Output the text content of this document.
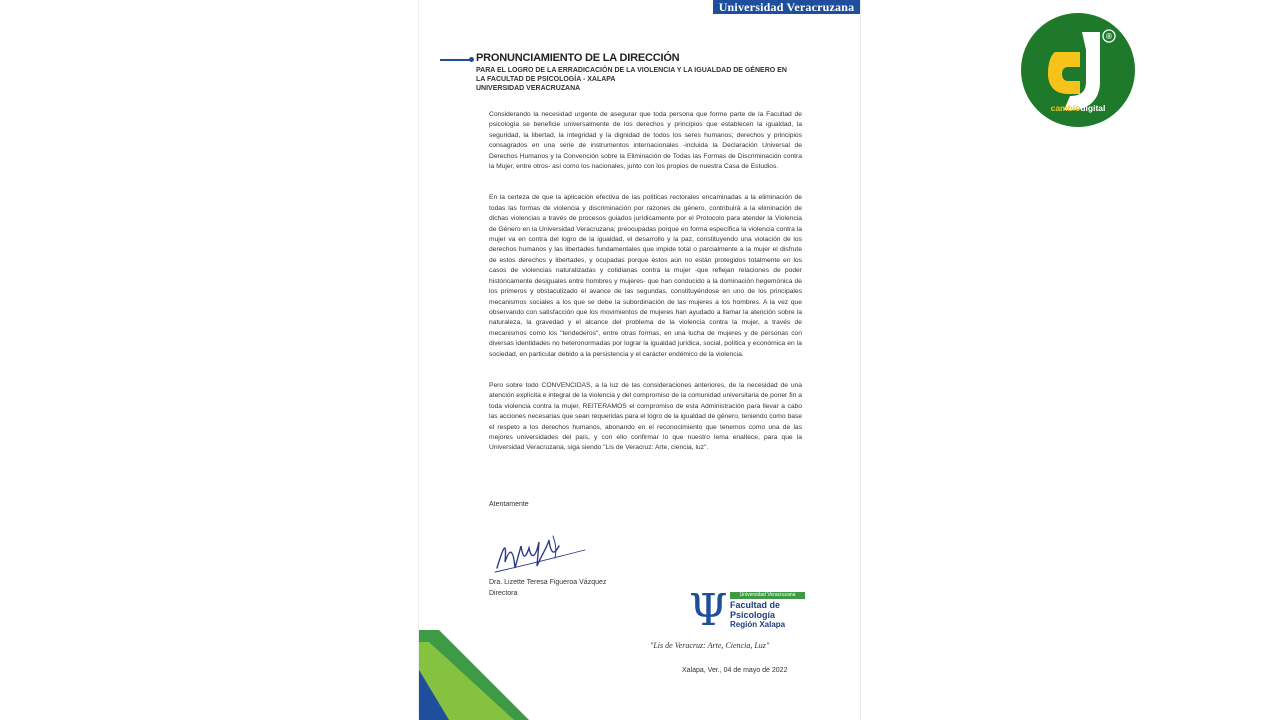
Universidad Veracruzana
PRONUNCIAMIENTO DE LA DIRECCIÓN
PARA EL LOGRO DE LA ERRADICACIÓN DE LA VIOLENCIA Y LA IGUALDAD DE GÉNERO EN
LA FACULTAD DE PSICOLOGÍA - XALAPA
UNIVERSIDAD VERACRUZANA

Considerando la necesidad urgente de asegurar que toda persona que forme parte de la Facultad de psicología se beneficie universalmente de los derechos y principios que establecen la igualdad, la seguridad, la libertad, la integridad y la dignidad de todos los seres humanos; derechos y principios consagrados en una serie de instrumentos internacionales -incluida la Declaración Universal de Derechos Humanos y la Convención sobre la Eliminación de Todas las Formas de Discriminación contra la Mujer, entre otros- así como los nacionales, junto con los propios de nuestra Casa de Estudios.

En la certeza de que la aplicación efectiva de las políticas rectorales encaminadas a la eliminación de todas las formas de violencia y discriminación por razones de género, contribuirá a la eliminación de dichas violencias a través de procesos guiados jurídicamente por el Protocolo para atender la Violencia de Género en la Universidad Veracruzana; preocupadas porque en forma específica la violencia contra la mujer va en contra del logro de la igualdad, el desarrollo y la paz, constituyendo una violación de los derechos humanos y las libertades fundamentales que impide total o parcialmente a la mujer el disfrute de estos derechos y libertades, y ocupadas porque éstos aún no están protegidos totalmente en los casos de violencias naturalizadas y cotidianas contra la mujer -que reflejan relaciones de poder históricamente desiguales entre hombres y mujeres- que han conducido a la dominación hegemónica de los primeros y obstaculizado el avance de las segundas, constituyéndose en uno de los principales mecanismos sociales a los que se debe la subordinación de las mujeres a los hombres. A la vez que observando con satisfacción que los movimientos de mujeres han ayudado a llamar la atención sobre la naturaleza, la gravedad y el alcance del problema de la violencia contra la mujer, a través de mecanismos como los "tendederos", entre otras formas, en una lucha de mujeres y de personas con diversas identidades no heteronormadas por lograr la igualdad jurídica, social, política y económica en la sociedad, en particular debido a la persistencia y el carácter endémico de la violencia.

Pero sobre todo CONVENCIDAS, a la luz de las consideraciones anteriores, de la necesidad de una atención explícita e integral de la violencia y del compromiso de la comunidad universitaria de poner fin a toda violencia contra la mujer, REITERAMOS el compromiso de esta Administración para llevar a cabo las acciones necesarias que sean requeridas para el logro de la igualdad de género, teniendo como base el respeto a los derechos humanos, abonando en el reconocimiento que tenemos como una de las mejores universidades del país, y con ello confirmar lo que nuestro lema enaltece, para que la Universidad Veracruzana, siga siendo "Lis de Veracruz: Arte, ciencia, luz".

Atentamente
Dra. Lizette Teresa Figueroa Vázquez
Directora	Ψ	Universidad Veracruzana
Facultad de
Psicología
Región Xalapa
"Lis de Veracruz: Arte, Ciencia, Luz"
Xalapa, Ver., 04 de mayo de 2022
®
cambiodigital
